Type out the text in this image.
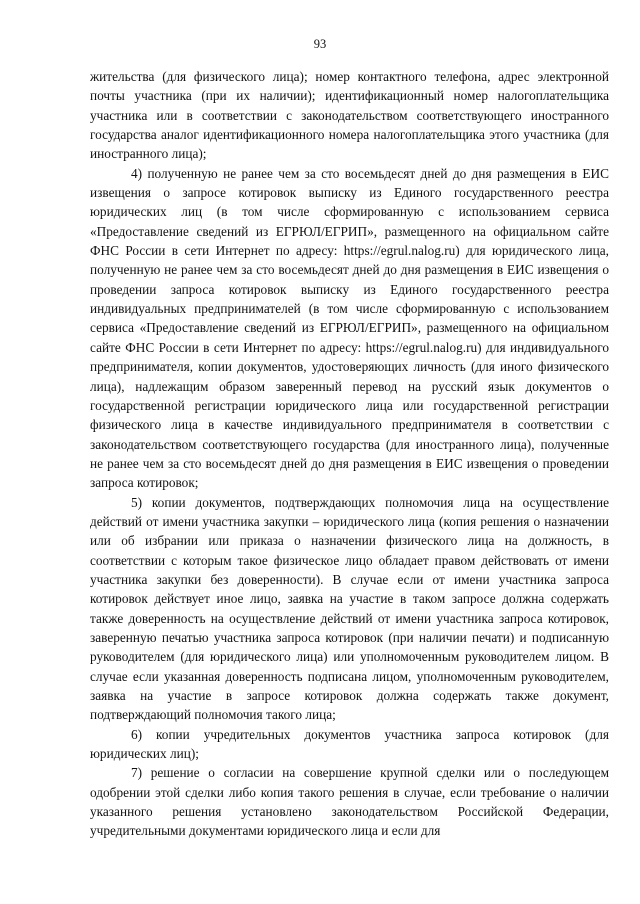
93

жительства (для физического лица); номер контактного телефона, адрес электронной почты участника (при их наличии); идентификационный номер налогоплательщика участника или в соответствии с законодательством соответствующего иностранного государства аналог идентификационного номера налогоплательщика этого участника (для иностранного лица);

4) полученную не ранее чем за сто восемьдесят дней до дня размещения в ЕИС извещения о запросе котировок выписку из Единого государственного реестра юридических лиц (в том числе сформированную с использованием сервиса «Предоставление сведений из ЕГРЮЛ/ЕГРИП», размещенного на официальном сайте ФНС России в сети Интернет по адресу: https://egrul.nalog.ru) для юридического лица, полученную не ранее чем за сто восемьдесят дней до дня размещения в ЕИС извещения о проведении запроса котировок выписку из Единого государственного реестра индивидуальных предпринимателей (в том числе сформированную с использованием сервиса «Предоставление сведений из ЕГРЮЛ/ЕГРИП», размещенного на официальном сайте ФНС России в сети Интернет по адресу: https://egrul.nalog.ru) для индивидуального предпринимателя, копии документов, удостоверяющих личность (для иного физического лица), надлежащим образом заверенный перевод на русский язык документов о государственной регистрации юридического лица или государственной регистрации физического лица в качестве индивидуального предпринимателя в соответствии с законодательством соответствующего государства (для иностранного лица), полученные не ранее чем за сто восемьдесят дней до дня размещения в ЕИС извещения о проведении запроса котировок;

5) копии документов, подтверждающих полномочия лица на осуществление действий от имени участника закупки – юридического лица (копия решения о назначении или об избрании или приказа о назначении физического лица на должность, в соответствии с которым такое физическое лицо обладает правом действовать от имени участника закупки без доверенности). В случае если от имени участника запроса котировок действует иное лицо, заявка на участие в таком запросе должна содержать также доверенность на осуществление действий от имени участника запроса котировок, заверенную печатью участника запроса котировок (при наличии печати) и подписанную руководителем (для юридического лица) или уполномоченным руководителем лицом. В случае если указанная доверенность подписана лицом, уполномоченным руководителем, заявка на участие в запросе котировок должна содержать также документ, подтверждающий полномочия такого лица;

6) копии учредительных документов участника запроса котировок (для юридических лиц);

7) решение о согласии на совершение крупной сделки или о последующем одобрении этой сделки либо копия такого решения в случае, если требование о наличии указанного решения установлено законодательством Российской Федерации, учредительными документами юридического лица и если для
